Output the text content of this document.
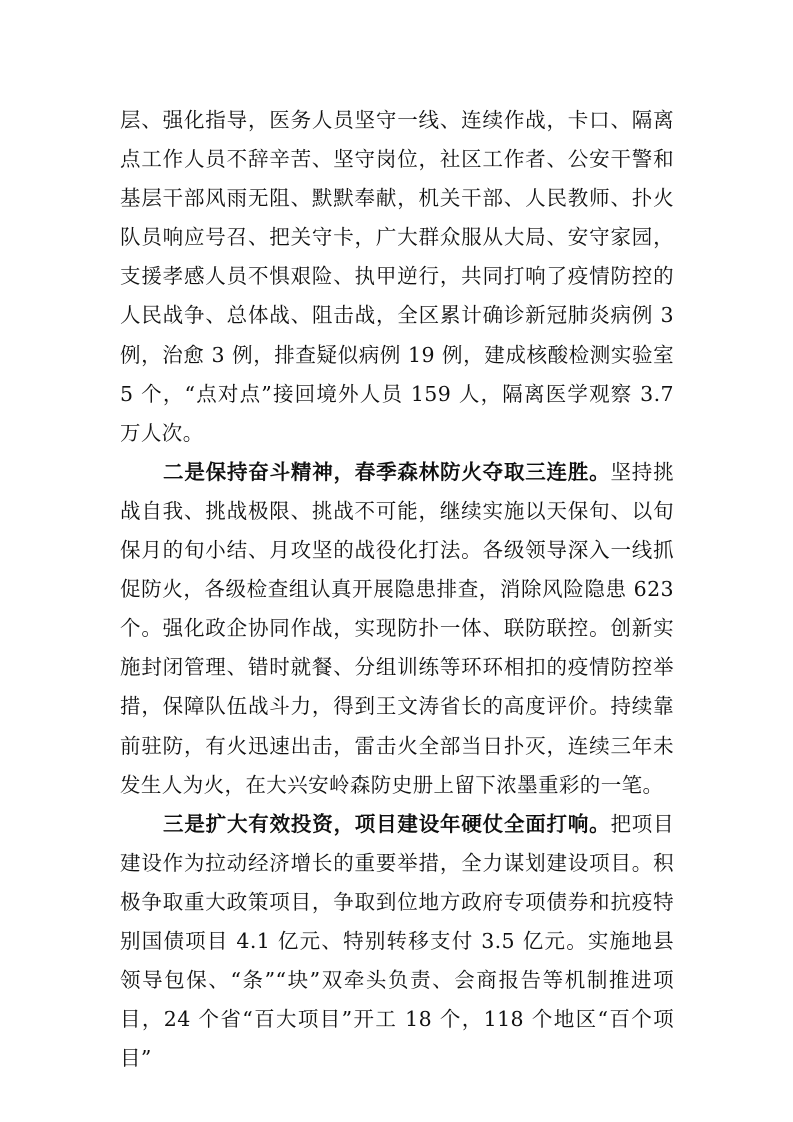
层、强化指导，医务人员坚守一线、连续作战，卡口、隔离点工作人员不辞辛苦、坚守岗位，社区工作者、公安干警和基层干部风雨无阻、默默奉献，机关干部、人民教师、扑火队员响应号召、把关守卡，广大群众服从大局、安守家园，支援孝感人员不惧艰险、执甲逆行，共同打响了疫情防控的人民战争、总体战、阻击战，全区累计确诊新冠肺炎病例 3 例，治愈 3 例，排查疑似病例 19 例，建成核酸检测实验室 5 个，“点对点”接回境外人员 159 人，隔离医学观察 3.7 万人次。

二是保持奋斗精神，春季森林防火夺取三连胜。坚持挑战自我、挑战极限、挑战不可能，继续实施以天保旬、以旬保月的旬小结、月攻坚的战役化打法。各级领导深入一线抓促防火，各级检查组认真开展隐患排查，消除风险隐患 623 个。强化政企协同作战，实现防扑一体、联防联控。创新实施封闭管理、错时就餐、分组训练等环环相扣的疫情防控举措，保障队伍战斗力，得到王文涛省长的高度评价。持续靠前驻防，有火迅速出击，雷击火全部当日扑灭，连续三年未发生人为火，在大兴安岭森防史册上留下浓墨重彩的一笔。

三是扩大有效投资，项目建设年硬仗全面打响。把项目建设作为拉动经济增长的重要举措，全力谋划建设项目。积极争取重大政策项目，争取到位地方政府专项债券和抗疫特别国债项目 4.1 亿元、特别转移支付 3.5 亿元。实施地县领导包保、“条”“块”双牵头负责、会商报告等机制推进项目，24 个省“百大项目”开工 18 个，118 个地区“百个项目”
